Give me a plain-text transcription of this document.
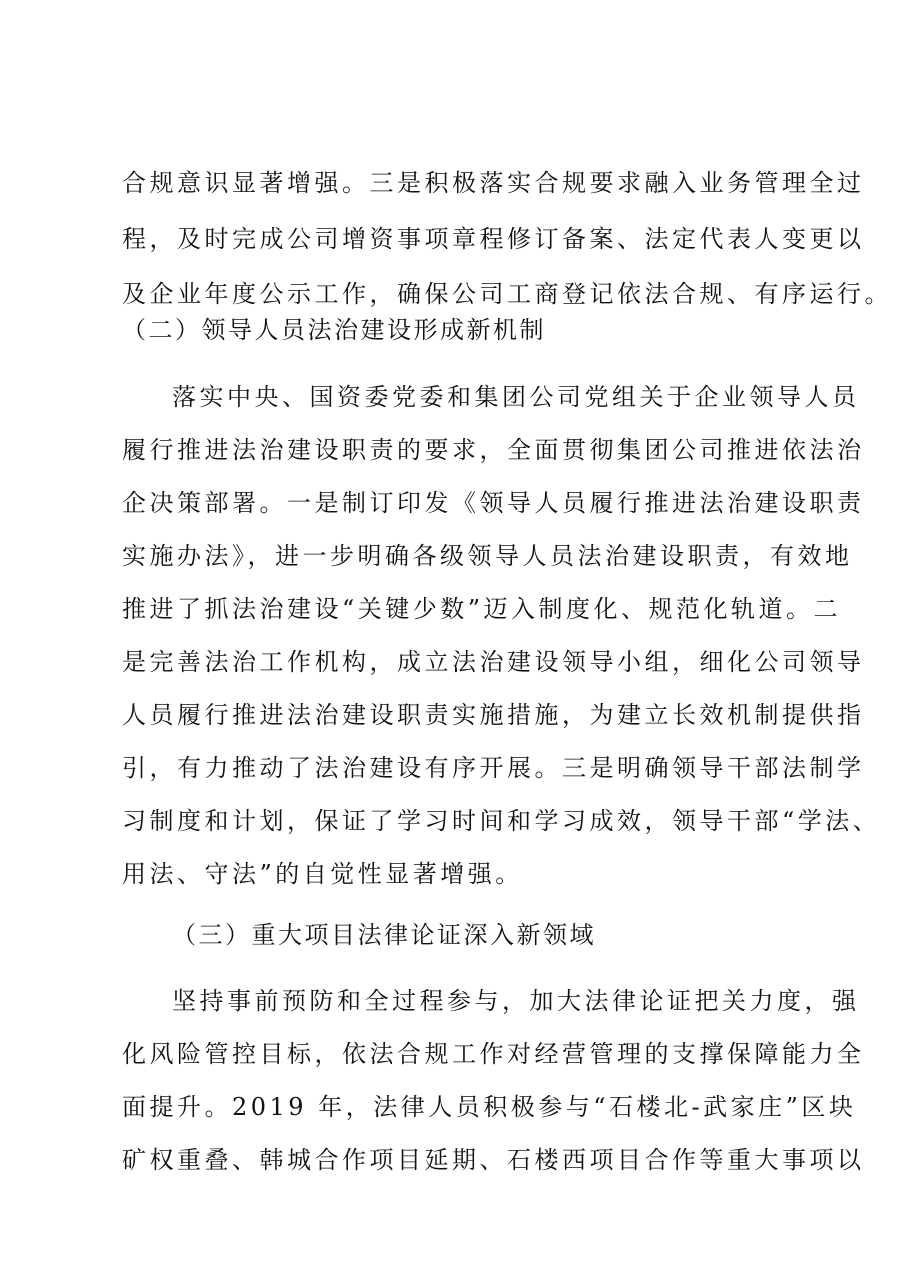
合规意识显著增强。三是积极落实合规要求融入业务管理全过
程，及时完成公司增资事项章程修订备案、法定代表人变更以
及企业年度公示工作，确保公司工商登记依法合规、有序运行。
（二）领导人员法治建设形成新机制
落实中央、国资委党委和集团公司党组关于企业领导人员
履行推进法治建设职责的要求，全面贯彻集团公司推进依法治
企决策部署。一是制订印发《领导人员履行推进法治建设职责
实施办法》，进一步明确各级领导人员法治建设职责，有效地
推进了抓法治建设“关键少数”迈入制度化、规范化轨道。二
是完善法治工作机构，成立法治建设领导小组，细化公司领导
人员履行推进法治建设职责实施措施，为建立长效机制提供指
引，有力推动了法治建设有序开展。三是明确领导干部法制学
习制度和计划，保证了学习时间和学习成效，领导干部“学法、
用法、守法”的自觉性显著增强。
（三）重大项目法律论证深入新领域
坚持事前预防和全过程参与，加大法律论证把关力度，强
化风险管控目标，依法合规工作对经营管理的支撑保障能力全
面提升。2019 年，法律人员积极参与“石楼北-武家庄”区块
矿权重叠、韩城合作项目延期、石楼西项目合作等重大事项以
